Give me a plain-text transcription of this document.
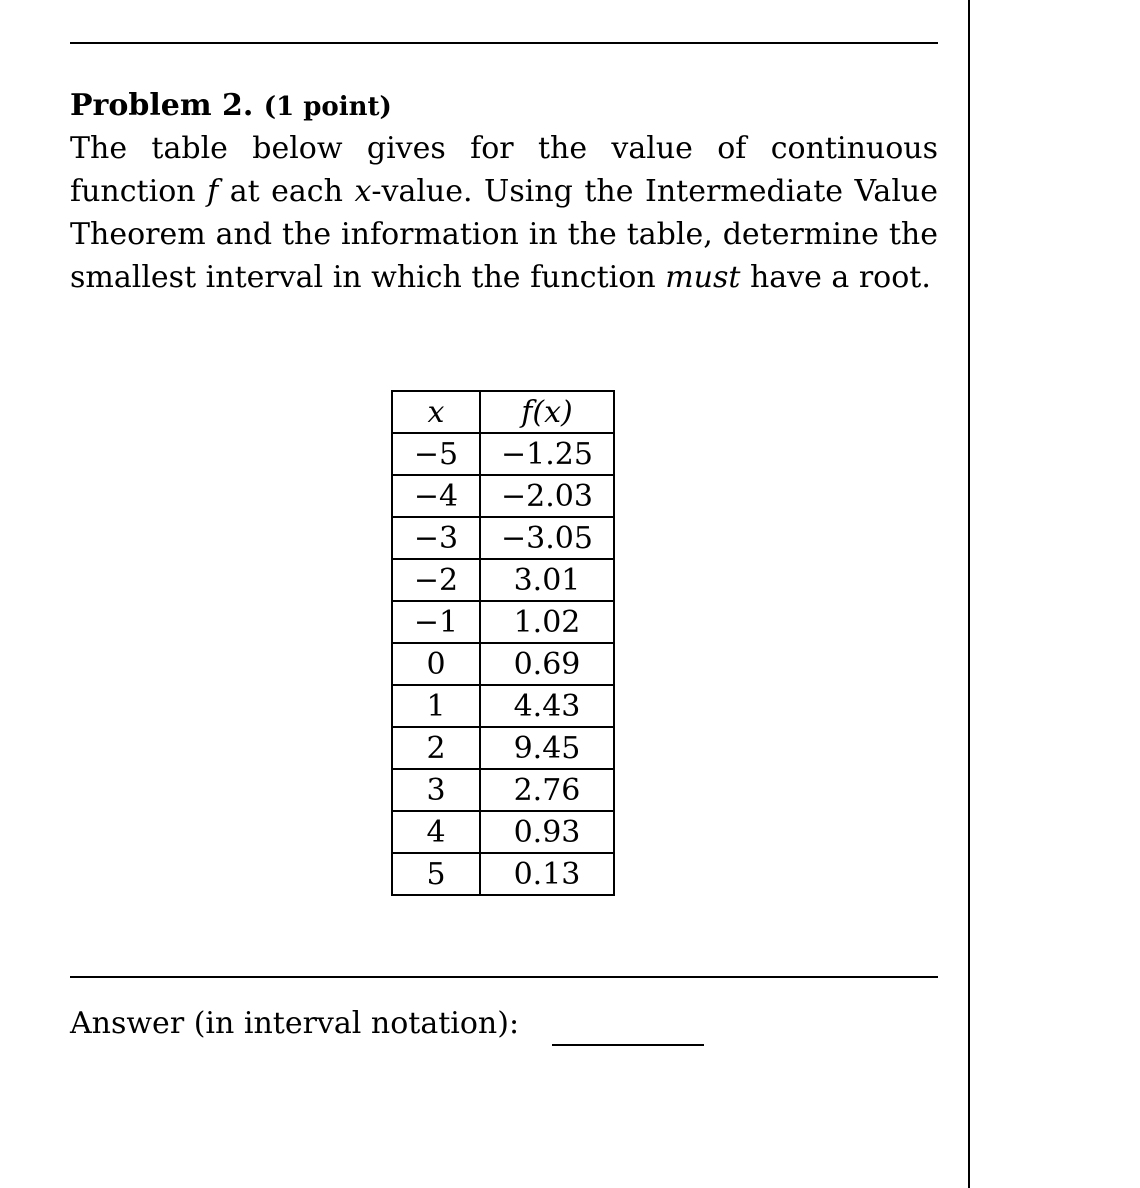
Problem 2. (1 point)

The table below gives for the value of continuous function f at each x-value. Using the Intermediate Value Theorem and the information in the table, determine the smallest interval in which the function must have a root.

x	f(x)
−5	−1.25
−4	−2.03
−3	−3.05
−2	3.01
−1	1.02
0	0.69
1	4.43
2	9.45
3	2.76
4	0.93
5	0.13
Answer (in interval notation):
